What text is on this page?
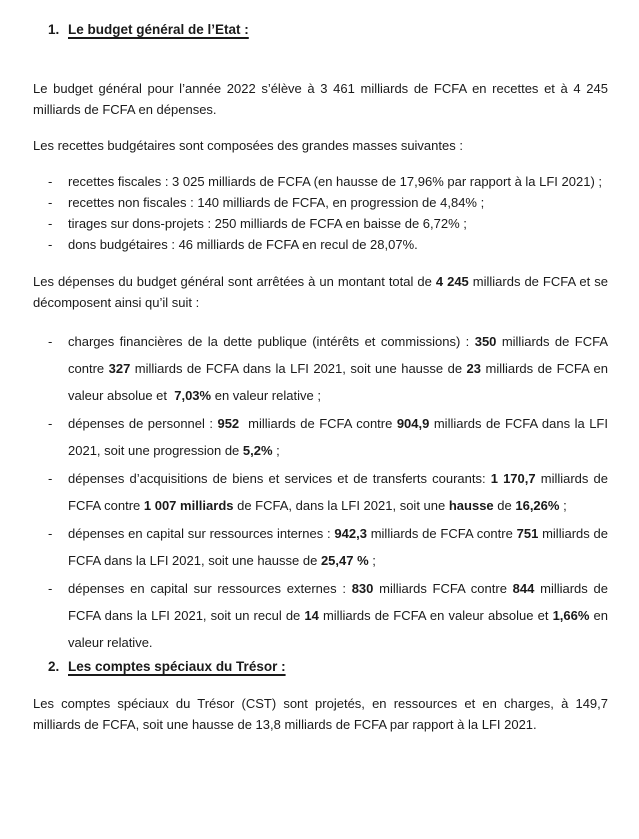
1. Le budget général de l’Etat :

Le budget général pour l’année 2022 s’élève à 3 461 milliards de FCFA en recettes et à 4 245 milliards de FCFA en dépenses.

Les recettes budgétaires sont composées des grandes masses suivantes :

- recettes fiscales : 3 025 milliards de FCFA (en hausse de 17,96% par rapport à la LFI 2021) ;
- recettes non fiscales : 140 milliards de FCFA, en progression de 4,84% ;
- tirages sur dons-projets : 250 milliards de FCFA en baisse de 6,72% ;
- dons budgétaires : 46 milliards de FCFA en recul de 28,07%.

Les dépenses du budget général sont arrêtées à un montant total de 4 245 milliards de FCFA et se décomposent ainsi qu’il suit :

- charges financières de la dette publique (intérêts et commissions) : 350 milliards de FCFA contre 327 milliards de FCFA dans la LFI 2021, soit une hausse de 23 milliards de FCFA en valeur absolue et  7,03% en valeur relative ;
- dépenses de personnel : 952  milliards de FCFA contre 904,9 milliards de FCFA dans la LFI 2021, soit une progression de 5,2% ;
- dépenses d’acquisitions de biens et services et de transferts courants: 1 170,7 milliards de FCFA contre 1 007 milliards de FCFA, dans la LFI 2021, soit une hausse de 16,26% ;
- dépenses en capital sur ressources internes : 942,3 milliards de FCFA contre 751 milliards de FCFA dans la LFI 2021, soit une hausse de 25,47 % ;
- dépenses en capital sur ressources externes : 830 milliards FCFA contre 844 milliards de FCFA dans la LFI 2021, soit un recul de 14 milliards de FCFA en valeur absolue et 1,66% en valeur relative.
2. Les comptes spéciaux du Trésor :

Les comptes spéciaux du Trésor (CST) sont projetés, en ressources et en charges, à 149,7 milliards de FCFA, soit une hausse de 13,8 milliards de FCFA par rapport à la LFI 2021.
